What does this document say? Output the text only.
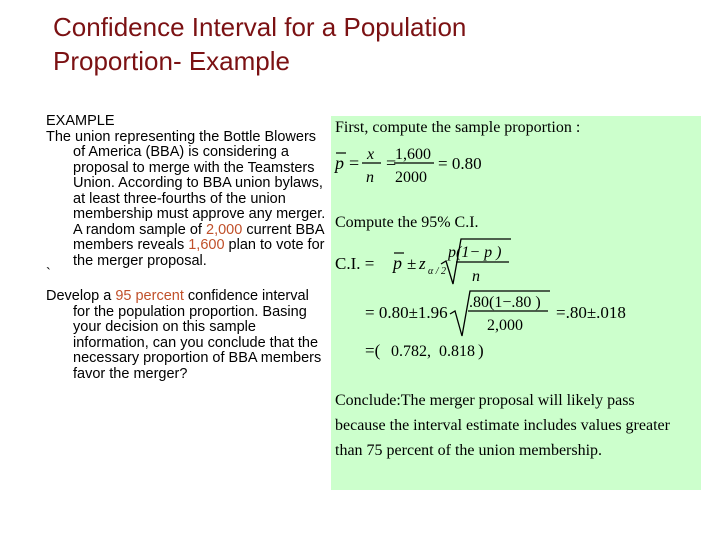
Confidence Interval for a Population
Proportion- Example

EXAMPLE

The union representing the Bottle Blowers of America (BBA) is considering a proposal to merge with the Teamsters Union. According to BBA union bylaws, at least three-fourths of the union membership must approve any merger. A random sample of 2,000 current BBA members reveals 1,600 plan to vote for the merger proposal.

`

Develop a 95 percent confidence interval for the population proportion. Basing your decision on this sample information, can you conclude that the necessary proportion of BBA members favor the merger?

First, compute the sample proportion :
Compute the 95% C.I.
Conclude:The merger proposal will likely pass
because the interval estimate includes values greater
than 75 percent of the union membership.
p = x
n
=
1,600
2000
= 0.80
C.I. = p ± z α / 2
p(1− p )
n
= 0.80±1.96
.80(1−.80 )
2,000
=.80±.018
=( 0.782, 0.818 )
